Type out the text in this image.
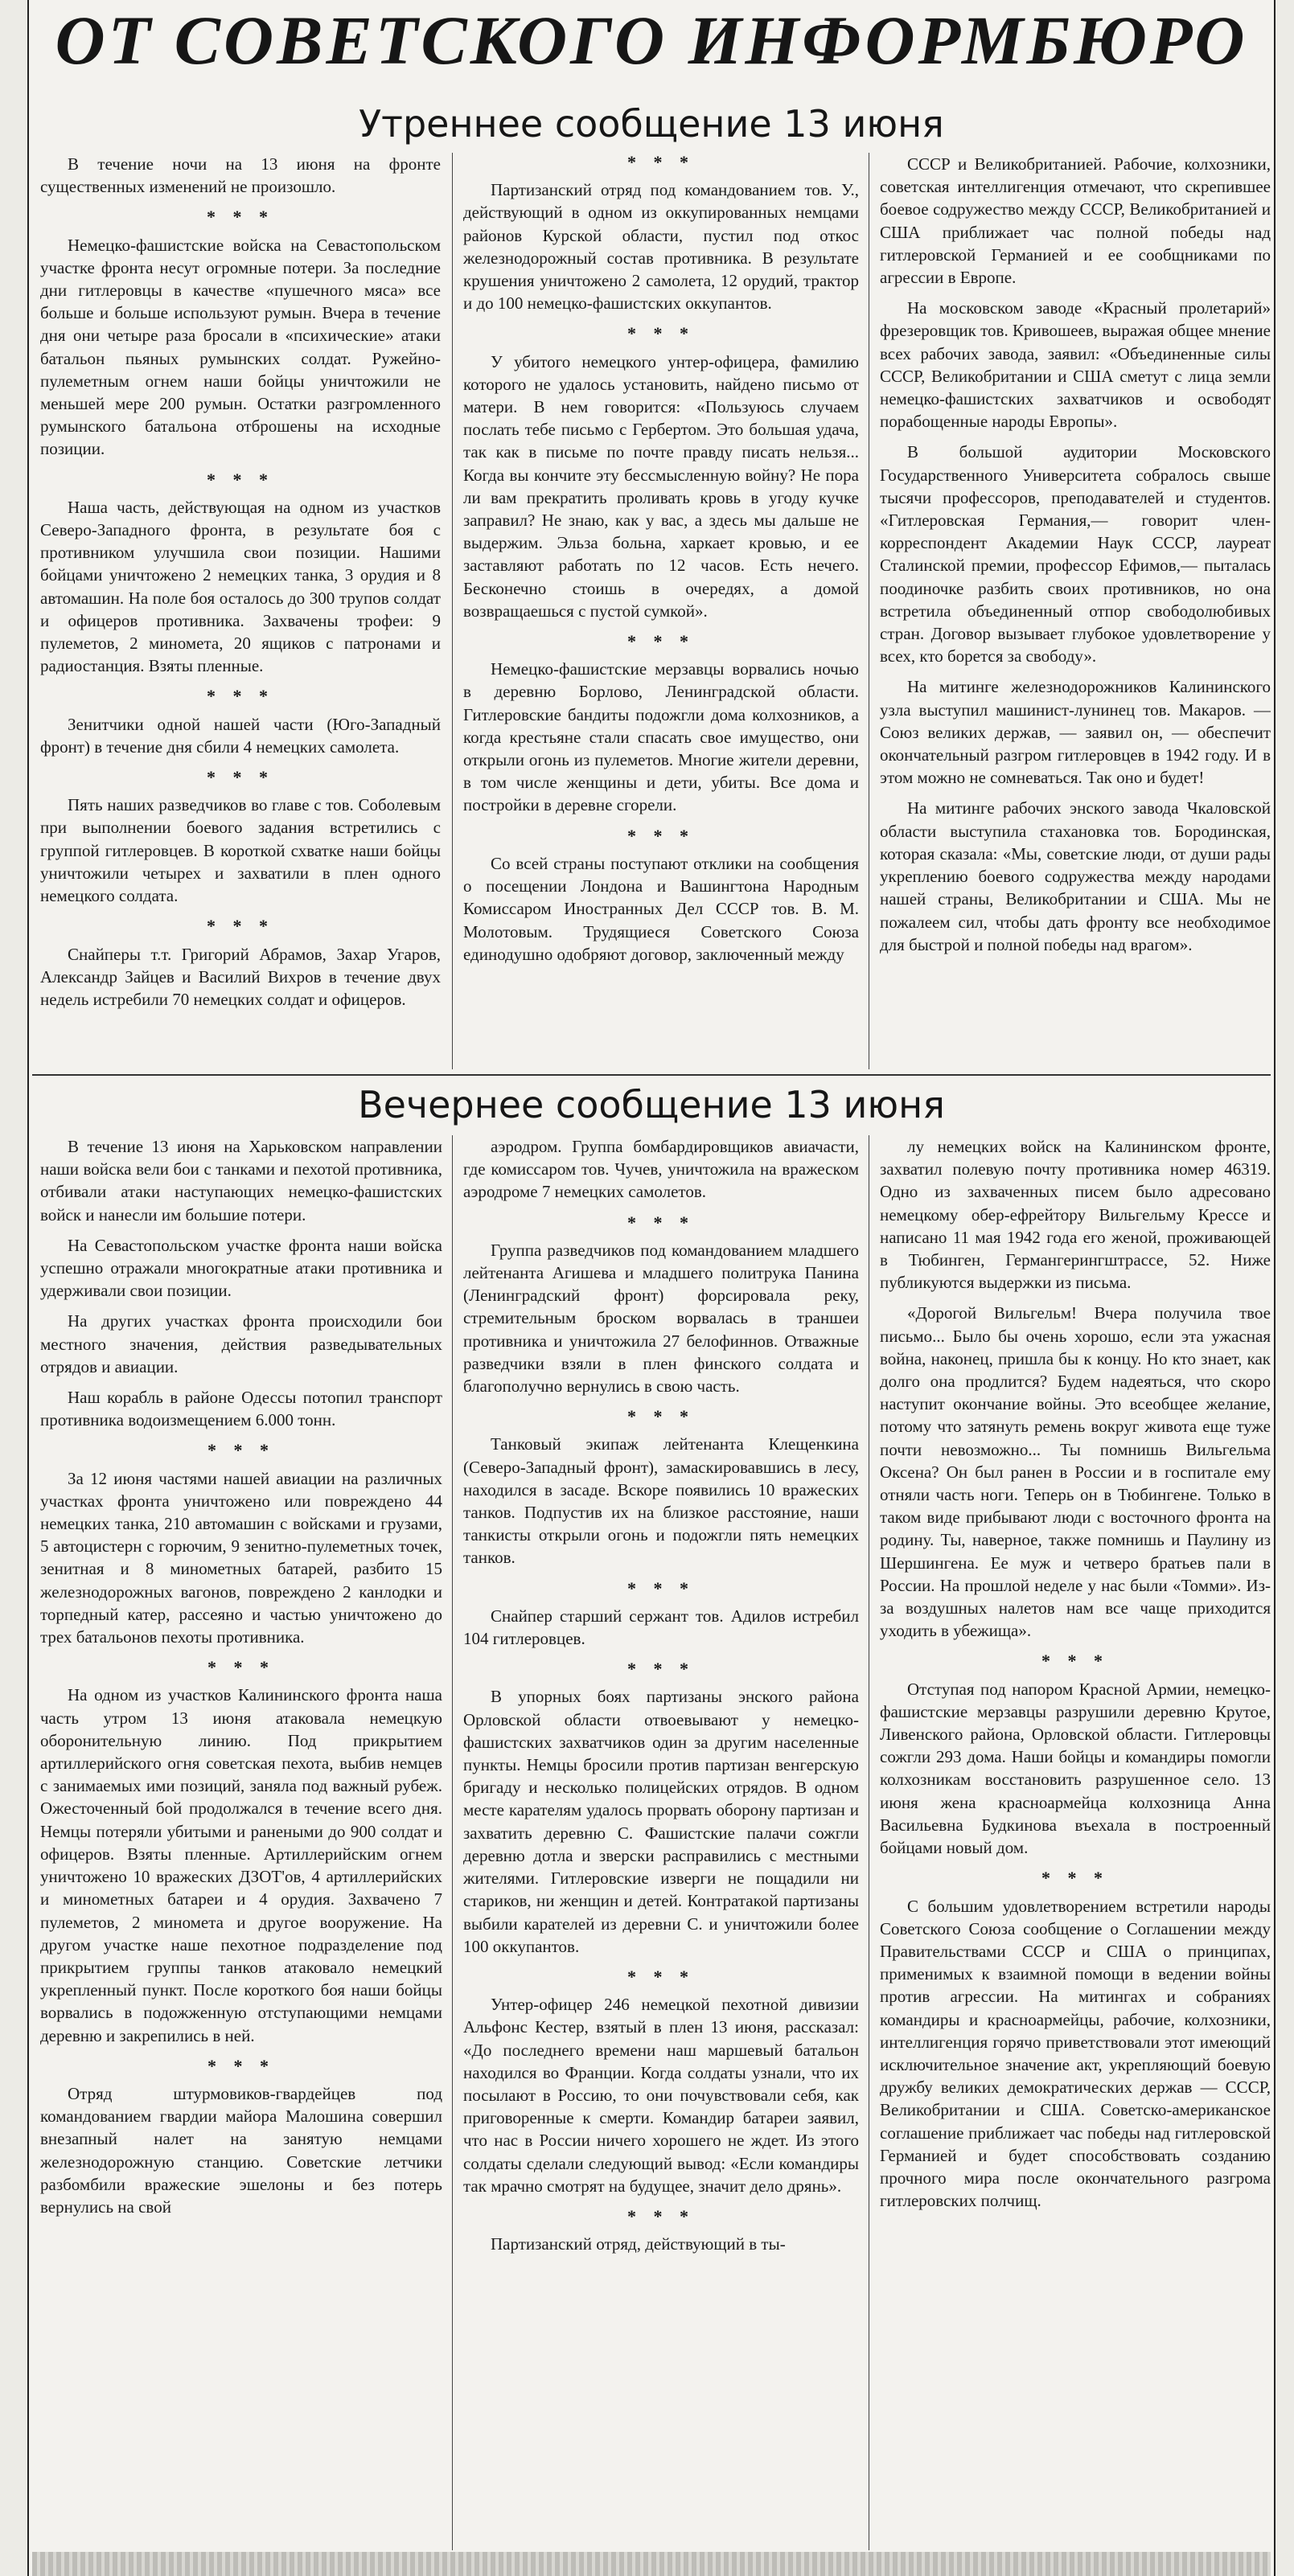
ОТ СОВЕТСКОГО ИНФОРМБЮРО
Утреннее сообщение 13 июня

В течение ночи на 13 июня на фронте существенных изменений не произошло.

* * *

Немецко-фашистские войска на Севастопольском участке фронта несут огромные потери. За последние дни гитлеровцы в качестве «пушечного мяса» все больше и больше используют румын. Вчера в течение дня они четыре раза бросали в «психические» атаки батальон пьяных румынских солдат. Ружейно-пулеметным огнем наши бойцы уничтожили не меньшей мере 200 румын. Остатки разгромленного румынского батальона отброшены на исходные позиции.

* * *

Наша часть, действующая на одном из участков Северо-Западного фронта, в результате боя с противником улучшила свои позиции. Нашими бойцами уничтожено 2 немецких танка, 3 орудия и 8 автомашин. На поле боя осталось до 300 трупов солдат и офицеров противника. Захвачены трофеи: 9 пулеметов, 2 миномета, 20 ящиков с патронами и радиостанция. Взяты пленные.

* * *

Зенитчики одной нашей части (Юго-Западный фронт) в течение дня сбили 4 немецких самолета.

* * *

Пять наших разведчиков во главе с тов. Соболевым при выполнении боевого задания встретились с группой гитлеровцев. В короткой схватке наши бойцы уничтожили четырех и захватили в плен одного немецкого солдата.

* * *

Снайперы т.т. Григорий Абрамов, Захар Угаров, Александр Зайцев и Василий Вихров в течение двух недель истребили 70 немецких солдат и офицеров.

* * *

Партизанский отряд под командованием тов. У., действующий в одном из оккупированных немцами районов Курской области, пустил под откос железнодорожный состав противника. В результате крушения уничтожено 2 самолета, 12 орудий, трактор и до 100 немецко-фашистских оккупантов.

* * *

У убитого немецкого унтер-офицера, фамилию которого не удалось установить, найдено письмо от матери. В нем говорится: «Пользуюсь случаем послать тебе письмо с Гербертом. Это большая удача, так как в письме по почте правду писать нельзя... Когда вы кончите эту бессмысленную войну? Не пора ли вам прекратить проливать кровь в угоду кучке заправил? Не знаю, как у вас, а здесь мы дальше не выдержим. Эльза больна, харкает кровью, и ее заставляют работать по 12 часов. Есть нечего. Бесконечно стоишь в очередях, а домой возвращаешься с пустой сумкой».

* * *

Немецко-фашистские мерзавцы ворвались ночью в деревню Борлово, Ленинградской области. Гитлеровские бандиты подожгли дома колхозников, а когда крестьяне стали спасать свое имущество, они открыли огонь из пулеметов. Многие жители деревни, в том числе женщины и дети, убиты. Все дома и постройки в деревне сгорели.

* * *

Со всей страны поступают отклики на сообщения о посещении Лондона и Вашингтона Народным Комиссаром Иностранных Дел СССР тов. В. М. Молотовым. Трудящиеся Советского Союза единодушно одобряют договор, заключенный между

СССР и Великобританией. Рабочие, колхозники, советская интеллигенция отмечают, что скрепившее боевое содружество между СССР, Великобританией и США приближает час полной победы над гитлеровской Германией и ее сообщниками по агрессии в Европе.

На московском заводе «Красный пролетарий» фрезеровщик тов. Кривошеев, выражая общее мнение всех рабочих завода, заявил: «Объединенные силы СССР, Великобритании и США сметут с лица земли немецко-фашистских захватчиков и освободят порабощенные народы Европы».

В большой аудитории Московского Государственного Университета собралось свыше тысячи профессоров, преподавателей и студентов. «Гитлеровская Германия,— говорит член-корреспондент Академии Наук СССР, лауреат Сталинской премии, профессор Ефимов,— пыталась поодиночке разбить своих противников, но она встретила объединенный отпор свободолюбивых стран. Договор вызывает глубокое удовлетворение у всех, кто борется за свободу».

На митинге железнодорожников Калининского узла выступил машинист-лунинец тов. Макаров. — Союз великих держав, — заявил он, — обеспечит окончательный разгром гитлеровцев в 1942 году. И в этом можно не сомневаться. Так оно и будет!

На митинге рабочих энского завода Чкаловской области выступила стахановка тов. Бородинская, которая сказала: «Мы, советские люди, от души рады укреплению боевого содружества между народами нашей страны, Великобритании и США. Мы не пожалеем сил, чтобы дать фронту все необходимое для быстрой и полной победы над врагом».

Вечернее сообщение 13 июня

В течение 13 июня на Харьковском направлении наши войска вели бои с танками и пехотой противника, отбивали атаки наступающих немецко-фашистских войск и нанесли им большие потери.

На Севастопольском участке фронта наши войска успешно отражали многократные атаки противника и удерживали свои позиции.

На других участках фронта происходили бои местного значения, действия разведывательных отрядов и авиации.

Наш корабль в районе Одессы потопил транспорт противника водоизмещением 6.000 тонн.

* * *

За 12 июня частями нашей авиации на различных участках фронта уничтожено или повреждено 44 немецких танка, 210 автомашин с войсками и грузами, 5 автоцистерн с горючим, 9 зенитно-пулеметных точек, зенитная и 8 минометных батарей, разбито 15 железнодорожных вагонов, повреждено 2 канлодки и торпедный катер, рассеяно и частью уничтожено до трех батальонов пехоты противника.

* * *

На одном из участков Калининского фронта наша часть утром 13 июня атаковала немецкую оборонительную линию. Под прикрытием артиллерийского огня советская пехота, выбив немцев с занимаемых ими позиций, заняла под важный рубеж. Ожесточенный бой продолжался в течение всего дня. Немцы потеряли убитыми и ранеными до 900 солдат и офицеров. Взяты пленные. Артиллерийским огнем уничтожено 10 вражеских ДЗОТ'ов, 4 артиллерийских и минометных батареи и 4 орудия. Захвачено 7 пулеметов, 2 миномета и другое вооружение. На другом участке наше пехотное подразделение под прикрытием группы танков атаковало немецкий укрепленный пункт. После короткого боя наши бойцы ворвались в подожженную отступающими немцами деревню и закрепились в ней.

* * *

Отряд штурмовиков-гвардейцев под командованием гвардии майора Малошина совершил внезапный налет на занятую немцами железнодорожную станцию. Советские летчики разбомбили вражеские эшелоны и без потерь вернулись на свой

аэродром. Группа бомбардировщиков авиачасти, где комиссаром тов. Чучев, уничтожила на вражеском аэродроме 7 немецких самолетов.

* * *

Группа разведчиков под командованием младшего лейтенанта Агишева и младшего политрука Панина (Ленинградский фронт) форсировала реку, стремительным броском ворвалась в траншеи противника и уничтожила 27 белофиннов. Отважные разведчики взяли в плен финского солдата и благополучно вернулись в свою часть.

* * *

Танковый экипаж лейтенанта Клещенкина (Северо-Западный фронт), замаскировавшись в лесу, находился в засаде. Вскоре появились 10 вражеских танков. Подпустив их на близкое расстояние, наши танкисты открыли огонь и подожгли пять немецких танков.

* * *

Снайпер старший сержант тов. Адилов истребил 104 гитлеровцев.

* * *

В упорных боях партизаны энского района Орловской области отвоевывают у немецко-фашистских захватчиков один за другим населенные пункты. Немцы бросили против партизан венгерскую бригаду и несколько полицейских отрядов. В одном месте карателям удалось прорвать оборону партизан и захватить деревню С. Фашистские палачи сожгли деревню дотла и зверски расправились с местными жителями. Гитлеровские изверги не пощадили ни стариков, ни женщин и детей. Контратакой партизаны выбили карателей из деревни С. и уничтожили более 100 оккупантов.

* * *

Унтер-офицер 246 немецкой пехотной дивизии Альфонс Кестер, взятый в плен 13 июня, рассказал: «До последнего времени наш маршевый батальон находился во Франции. Когда солдаты узнали, что их посылают в Россию, то они почувствовали себя, как приговоренные к смерти. Командир батареи заявил, что нас в России ничего хорошего не ждет. Из этого солдаты сделали следующий вывод: «Если командиры так мрачно смотрят на будущее, значит дело дрянь».

* * *

Партизанский отряд, действующий в ты-

лу немецких войск на Калининском фронте, захватил полевую почту противника номер 46319. Одно из захваченных писем было адресовано немецкому обер-ефрейтору Вильгельму Крессе и написано 11 мая 1942 года его женой, проживающей в Тюбинген, Германгерингштрассе, 52. Ниже публикуются выдержки из письма.

«Дорогой Вильгельм! Вчера получила твое письмо... Было бы очень хорошо, если эта ужасная война, наконец, пришла бы к концу. Но кто знает, как долго она продлится? Будем надеяться, что скоро наступит окончание войны. Это всеобщее желание, потому что затянуть ремень вокруг живота еще туже почти невозможно... Ты помнишь Вильгельма Оксена? Он был ранен в России и в госпитале ему отняли часть ноги. Теперь он в Тюбингене. Только в таком виде прибывают люди с восточного фронта на родину. Ты, наверное, также помнишь и Паулину из Шершингена. Ее муж и четверо братьев пали в России. На прошлой неделе у нас были «Томми». Из-за воздушных налетов нам все чаще приходится уходить в убежища».

* * *

Отступая под напором Красной Армии, немецко-фашистские мерзавцы разрушили деревню Крутое, Ливенского района, Орловской области. Гитлеровцы сожгли 293 дома. Наши бойцы и командиры помогли колхозникам восстановить разрушенное село. 13 июня жена красноармейца колхозница Анна Васильевна Будкинова въехала в построенный бойцами новый дом.

* * *

С большим удовлетворением встретили народы Советского Союза сообщение о Соглашении между Правительствами СССР и США о принципах, применимых к взаимной помощи в ведении войны против агрессии. На митингах и собраниях командиры и красноармейцы, рабочие, колхозники, интеллигенция горячо приветствовали этот имеющий исключительное значение акт, укрепляющий боевую дружбу великих демократических держав — СССР, Великобритании и США. Советско-американское соглашение приближает час победы над гитлеровской Германией и будет способствовать созданию прочного мира после окончательного разгрома гитлеровских полчищ.
